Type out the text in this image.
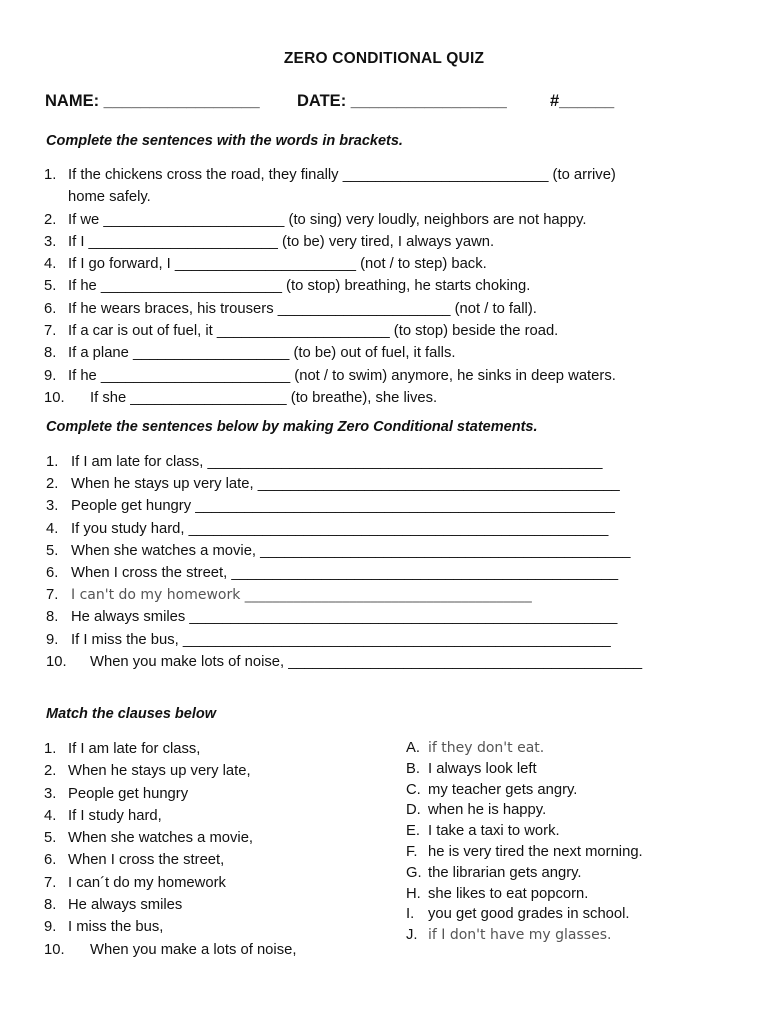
ZERO CONDITIONAL QUIZ
NAME: _________________ DATE: _________________	#______
Complete the sentences with the words in brackets.
1. If the chickens cross the road, they finally _________________________ (to arrive)
home safely.
2. If we ______________________ (to sing) very loudly, neighbors are not happy.
3. If I _______________________ (to be) very tired, I always yawn.
4. If I go forward, I ______________________ (not / to step) back.
5. If he ______________________ (to stop) breathing, he starts choking.
6. If he wears braces, his trousers _____________________ (not / to fall).
7. If a car is out of fuel, it _____________________ (to stop) beside the road.
8. If a plane ___________________ (to be) out of fuel, it falls.
9. If he _______________________ (not / to swim) anymore, he sinks in deep waters.
10. If she ___________________ (to breathe), she lives.
Complete the sentences below by making Zero Conditional statements.
1. If I am late for class, ________________________________________________
2. When he stays up very late, ____________________________________________
3. People get hungry ___________________________________________________
4. If you study hard, ___________________________________________________
5. When she watches a movie, _____________________________________________
6. When I cross the street, _______________________________________________
7. I can't do my homework _________________________________________
8. He always smiles ____________________________________________________
9. If I miss the bus, ____________________________________________________
10. When you make lots of noise, ___________________________________________
Match the clauses below
1. If I am late for class,
2. When he stays up very late,
3. People get hungry
4. If I study hard,
5. When she watches a movie,
6. When I cross the street,
7. I can´t do my homework
8. He always smiles
9. I miss the bus,
10. When you make a lots of noise,
A. if they don't eat.
B. I always look left
C. my teacher gets angry.
D. when he is happy.
E. I take a taxi to work.
F. he is very tired the next morning.
G. the librarian gets angry.
H. she likes to eat popcorn.
I. you get good grades in school.
J. if I don't have my glasses.
